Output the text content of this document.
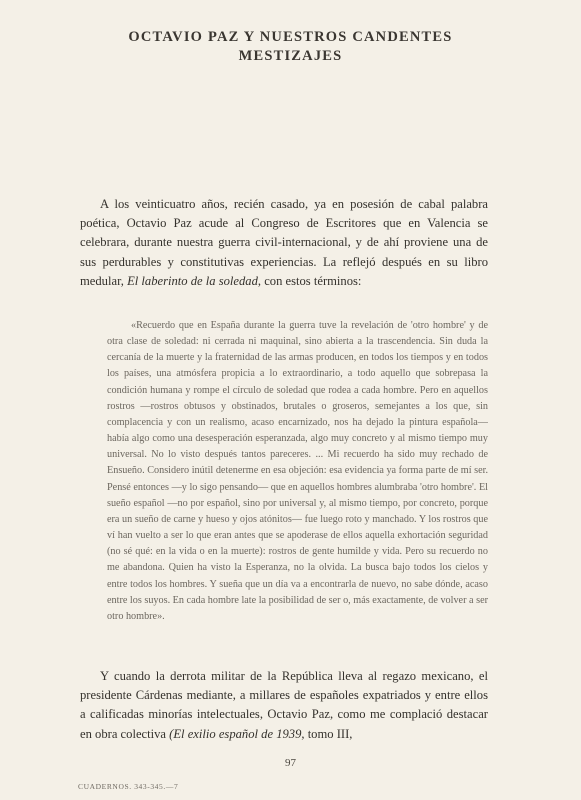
OCTAVIO PAZ Y NUESTROS CANDENTES
MESTIZAJES

A los veinticuatro años, recién casado, ya en posesión de cabal palabra poética, Octavio Paz acude al Congreso de Escritores que en Valencia se celebrara, durante nuestra guerra civil-internacional, y de ahí proviene una de sus perdurables y constitutivas experiencias. La reflejó después en su libro medular, El laberinto de la soledad, con estos términos:

«Recuerdo que en España durante la guerra tuve la revelación de 'otro hombre' y de otra clase de soledad: ni cerrada ni maquinal, sino abierta a la trascendencia. Sin duda la cercanía de la muerte y la fraternidad de las armas producen, en todos los tiempos y en todos los países, una atmósfera propicia a lo extraordinario, a todo aquello que sobrepasa la condición humana y rompe el círculo de soledad que rodea a cada hombre. Pero en aquellos rostros —rostros obtusos y obstinados, brutales o groseros, semejantes a los que, sin complacencia y con un realismo, acaso encarnizado, nos ha dejado la pintura española— había algo como una desesperación esperanzada, algo muy concreto y al mismo tiempo muy universal. No lo visto después tantos pareceres. ... Mi recuerdo ha sido muy rechado de Ensueño. Considero inútil detenerme en esa objeción: esa evidencia ya forma parte de mí ser. Pensé entonces —y lo sigo pensando— que en aquellos hombres alumbraba 'otro hombre'. El sueño español —no por español, sino por universal y, al mismo tiempo, por concreto, porque era un sueño de carne y hueso y ojos atónitos— fue luego roto y manchado. Y los rostros que ví han vuelto a ser lo que eran antes que se apoderase de ellos aquella exhortación seguridad (no sé qué: en la vida o en la muerte): rostros de gente humilde y vida. Pero su recuerdo no me abandona. Quien ha visto la Esperanza, no la olvida. La busca bajo todos los cielos y entre todos los hombres. Y sueña que un día va a encontrarla de nuevo, no sabe dónde, acaso entre los suyos. En cada hombre late la posibilidad de ser o, más exactamente, de volver a ser otro hombre».

Y cuando la derrota militar de la República lleva al regazo mexicano, el presidente Cárdenas mediante, a millares de españoles expatriados y entre ellos a calificadas minorías intelectuales, Octavio Paz, como me complació destacar en obra colectiva (El exilio español de 1939, tomo III,

97
CUADERNOS. 343-345.—7
